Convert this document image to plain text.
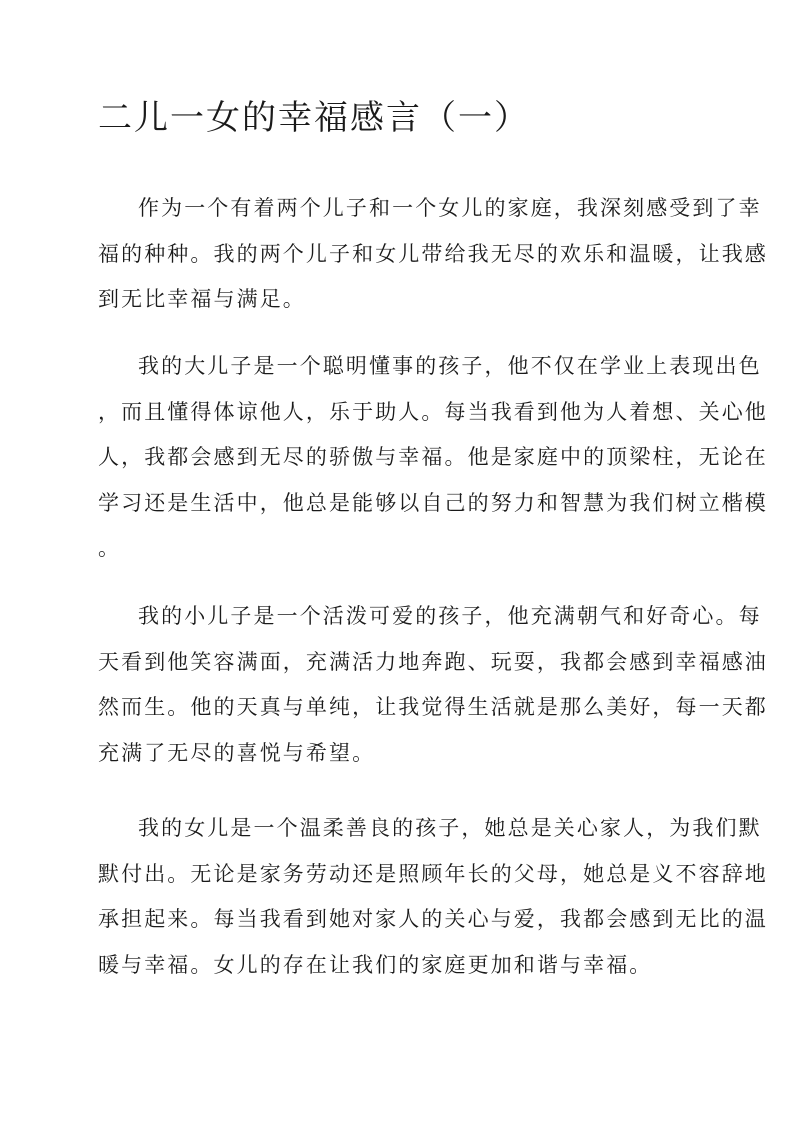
二儿一女的幸福感言（一）

作为一个有着两个儿子和一个女儿的家庭，我深刻感受到了幸
福的种种。我的两个儿子和女儿带给我无尽的欢乐和温暖，让我感
到无比幸福与满足。

我的大儿子是一个聪明懂事的孩子，他不仅在学业上表现出色
，而且懂得体谅他人，乐于助人。每当我看到他为人着想、关心他
人，我都会感到无尽的骄傲与幸福。他是家庭中的顶梁柱，无论在
学习还是生活中，他总是能够以自己的努力和智慧为我们树立楷模
。

我的小儿子是一个活泼可爱的孩子，他充满朝气和好奇心。每
天看到他笑容满面，充满活力地奔跑、玩耍，我都会感到幸福感油
然而生。他的天真与单纯，让我觉得生活就是那么美好，每一天都
充满了无尽的喜悦与希望。

我的女儿是一个温柔善良的孩子，她总是关心家人，为我们默
默付出。无论是家务劳动还是照顾年长的父母，她总是义不容辞地
承担起来。每当我看到她对家人的关心与爱，我都会感到无比的温
暖与幸福。女儿的存在让我们的家庭更加和谐与幸福。
